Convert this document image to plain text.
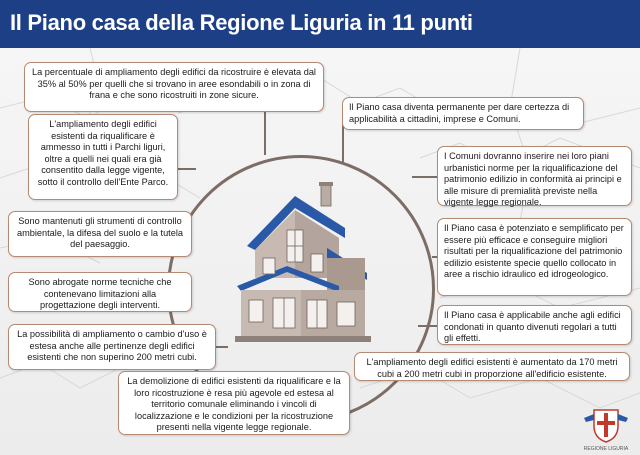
Il Piano casa della Regione Liguria in 11 punti
La percentuale di ampliamento degli edifici da ricostruire è elevata dal 35% al 50% per quelli che si trovano in aree esondabili o in zona di frana e che sono ricostruiti in zone sicure.
L'ampliamento degli edifici esistenti da riqualificare è ammesso in tutti i Parchi liguri, oltre a quelli nei quali era già consentito dalla legge vigente, sotto il controllo dell'Ente Parco.
Il Piano casa diventa permanente per dare certezza di applicabilità a cittadini, imprese e Comuni.
I Comuni dovranno inserire nei loro piani urbanistici norme per la riqualificazione del patrimonio edilizio in conformità ai principi e alle misure di premialità previste nella vigente legge regionale.
Sono mantenuti gli strumenti di controllo ambientale, la difesa del suolo e la tutela del paesaggio.
Il Piano casa è potenziato e semplificato per essere più efficace e conseguire migliori risultati per la riqualificazione del patrimonio edilizio esistente specie quello collocato in aree a rischio idraulico ed idrogeologico.
Sono abrogate norme tecniche che contenevano limitazioni alla progettazione degli interventi.
Il Piano casa è applicabile anche agli edifici condonati in quanto divenuti regolari a tutti gli effetti.
La possibilità di ampliamento o cambio d'uso è estesa anche alle pertinenze degli edifici esistenti che non superino 200 metri cubi.	L'ampliamento degli edifici esistenti è aumentato da 170 metri cubi a 200 metri cubi in proporzione all'edificio esistente.
La demolizione di edifici esistenti da riqualificare e la loro ricostruzione è resa più agevole ed estesa al territorio comunale eliminando i vincoli di localizzazione e le condizioni per la ricostruzione presenti nella vigente legge regionale.
REGIONE LIGURIA
